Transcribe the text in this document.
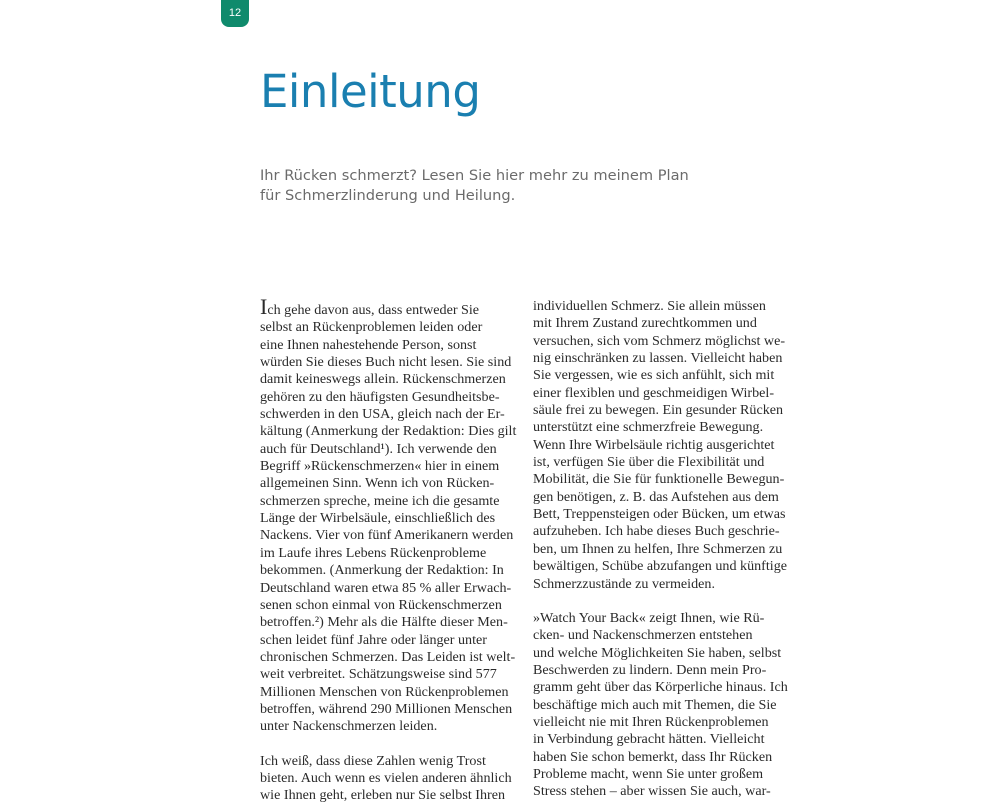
12
Einleitung

Ihr Rücken schmerzt? Lesen Sie hier mehr zu meinem Plan
für Schmerzlinderung und Heilung.

Ich gehe davon aus, dass entweder Sie
selbst an Rückenproblemen leiden oder
eine Ihnen nahestehende Person, sonst
würden Sie dieses Buch nicht lesen. Sie sind
damit keineswegs allein. Rückenschmerzen
gehören zu den häufigsten Gesundheitsbe-
schwerden in den USA, gleich nach der Er-
kältung (Anmerkung der Redaktion: Dies gilt
auch für Deutschland¹). Ich verwende den
Begriff »Rückenschmerzen« hier in einem
allgemeinen Sinn. Wenn ich von Rücken-
schmerzen spreche, meine ich die gesamte
Länge der Wirbelsäule, einschließlich des
Nackens. Vier von fünf Amerikanern werden
im Laufe ihres Lebens Rückenprobleme
bekommen. (Anmerkung der Redaktion: In
Deutschland waren etwa 85 % aller Erwach-
senen schon einmal von Rückenschmerzen
betroffen.²) Mehr als die Hälfte dieser Men-
schen leidet fünf Jahre oder länger unter
chronischen Schmerzen. Das Leiden ist welt-
weit verbreitet. Schätzungsweise sind 577
Millionen Menschen von Rückenproblemen
betroffen, während 290 Millionen Menschen
unter Nackenschmerzen leiden.

Ich weiß, dass diese Zahlen wenig Trost
bieten. Auch wenn es vielen anderen ähnlich
wie Ihnen geht, erleben nur Sie selbst Ihren

individuellen Schmerz. Sie allein müssen
mit Ihrem Zustand zurechtkommen und
versuchen, sich vom Schmerz möglichst we-
nig einschränken zu lassen. Vielleicht haben
Sie vergessen, wie es sich anfühlt, sich mit
einer flexiblen und geschmeidigen Wirbel-
säule frei zu bewegen. Ein gesunder Rücken
unterstützt eine schmerzfreie Bewegung.
Wenn Ihre Wirbelsäule richtig ausgerichtet
ist, verfügen Sie über die Flexibilität und
Mobilität, die Sie für funktionelle Bewegun-
gen benötigen, z. B. das Aufstehen aus dem
Bett, Treppensteigen oder Bücken, um etwas
aufzuheben. Ich habe dieses Buch geschrie-
ben, um Ihnen zu helfen, Ihre Schmerzen zu
bewältigen, Schübe abzufangen und künftige
Schmerzzustände zu vermeiden.

»Watch Your Back« zeigt Ihnen, wie Rü-
cken- und Nackenschmerzen entstehen
und welche Möglichkeiten Sie haben, selbst
Beschwerden zu lindern. Denn mein Pro-
gramm geht über das Körperliche hinaus. Ich
beschäftige mich auch mit Themen, die Sie
vielleicht nie mit Ihren Rückenproblemen
in Verbindung gebracht hätten. Vielleicht
haben Sie schon bemerkt, dass Ihr Rücken
Probleme macht, wenn Sie unter großem
Stress stehen – aber wissen Sie auch, war-
